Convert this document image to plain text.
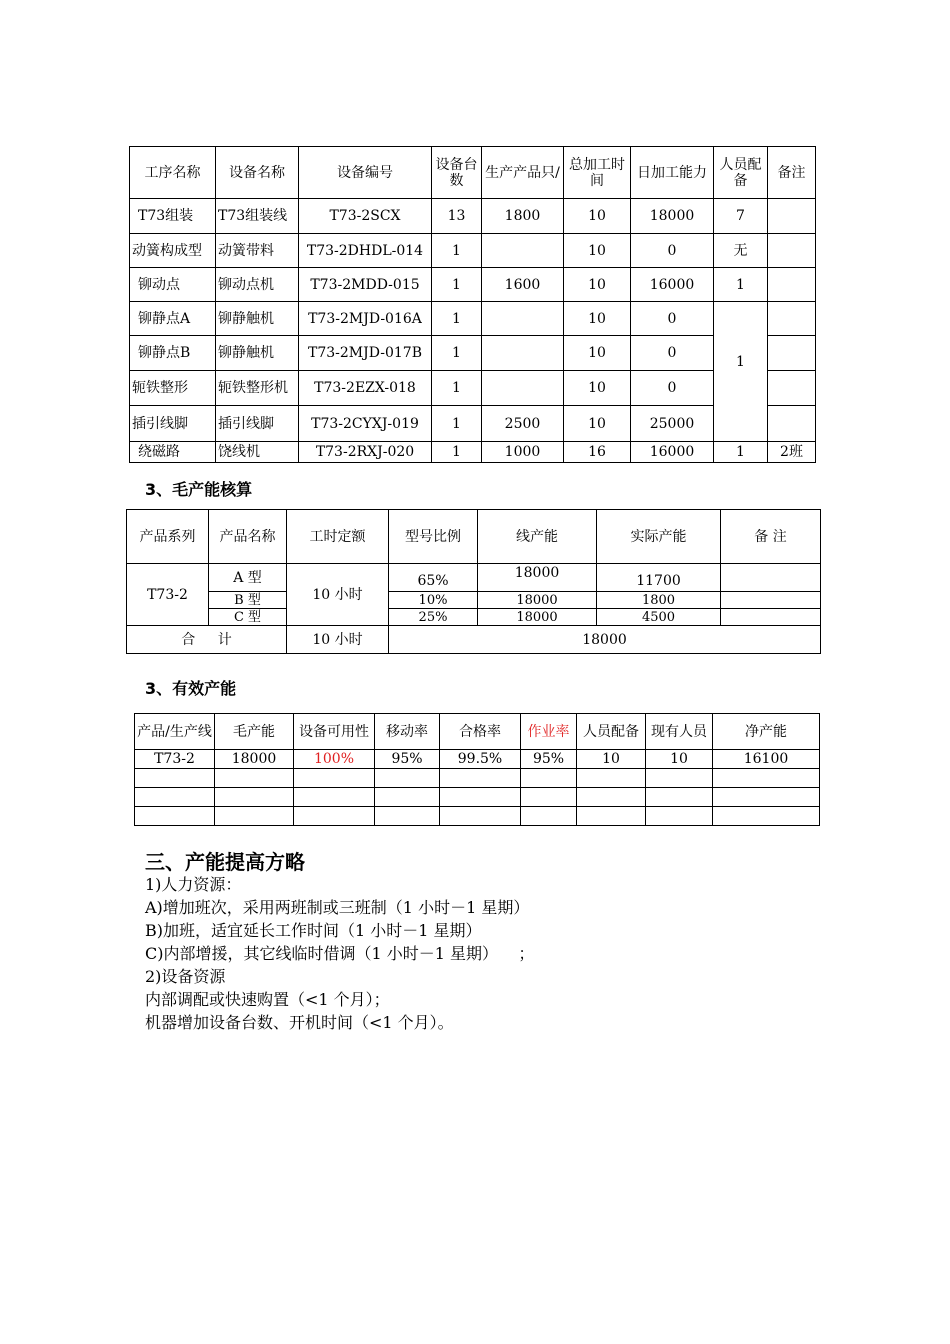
工序名称	设备名称	设备编号	设备台数	生产产品只/	总加工时间	日加工能力	人员配备	备注
T73组装	T73组装线	T73-2SCX	13	1800	10	18000	7	
动簧构成型	动簧带料	T73-2DHDL-014	1		10	0	无	
铆动点	铆动点机	T73-2MDD-015	1	1600	10	16000	1	
铆静点A	铆静触机	T73-2MJD-016A	1		10	0	1	
铆静点B	铆静触机	T73-2MJD-017B	1		10	0		
轭铁整形	轭铁整形机	T73-2EZX-018	1		10	0		
插引线脚	插引线脚	T73-2CYXJ-019	1	2500	10	25000		
绕磁路	饶线机	T73-2RXJ-020	1	1000	16	16000	1	2班
3、毛产能核算
产品系列	产品名称	工时定额	型号比例	线产能	实际产能	备 注
T73-2	A 型	10 小时	65%	18000	11700	
	B 型		10%	18000	1800	
	C 型		25%	18000	4500	
合 计		10 小时	18000			
3、有效产能
产品/生产线	毛产能	设备可用性	移动率	合格率	作业率	人员配备	现有人员	净产能
T73-2	18000	100%	95%	99.5%	95%	10	10	16100

三、产能提高方略
1)人力资源：
A)增加班次，采用两班制或三班制（1 小时－1 星期）
B)加班，适宜延长工作时间（1 小时－1 星期）
C)内部增援，其它线临时借调（1 小时－1 星期）    ；
2)设备资源
内部调配或快速购置（<1 个月）；
机器增加设备台数、开机时间（<1 个月）。
